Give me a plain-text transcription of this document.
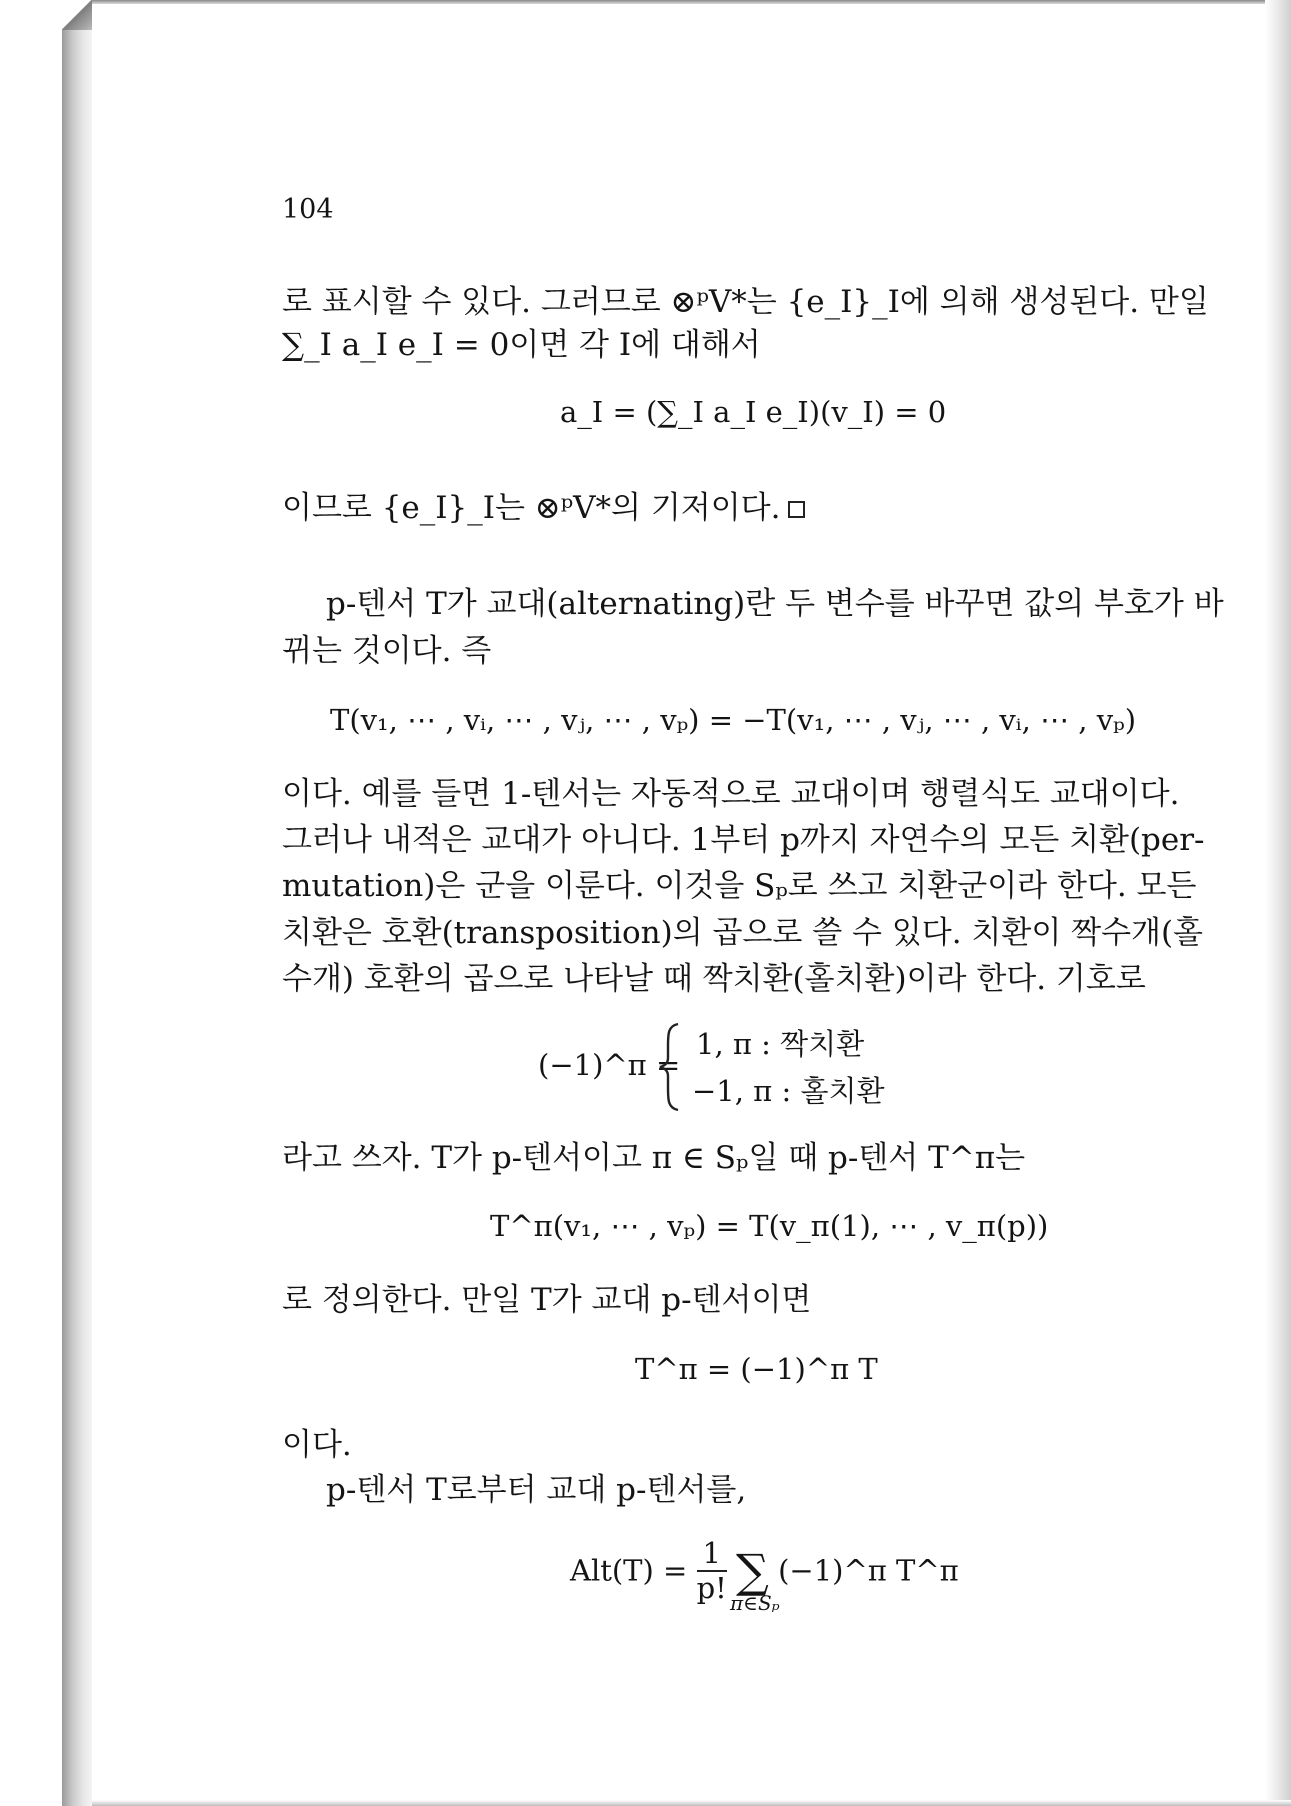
104
로 표시할 수 있다. 그러므로 ⊗ᵖV*는 {e_I}_I에 의해 생성된다. 만일
∑_I a_I e_I = 0이면 각 I에 대해서
a_I = (∑_I a_I e_I)(v_I) = 0
이므로 {e_I}_I는 ⊗ᵖV*의 기저이다.
p-텐서 T가 교대(alternating)란 두 변수를 바꾸면 값의 부호가 바
뀌는 것이다. 즉
T(v₁, ⋯ , vᵢ, ⋯ , vⱼ, ⋯ , vₚ) = −T(v₁, ⋯ , vⱼ, ⋯ , vᵢ, ⋯ , vₚ)
이다. 예를 들면 1-텐서는 자동적으로 교대이며 행렬식도 교대이다.
그러나 내적은 교대가 아니다. 1부터 p까지 자연수의 모든 치환(per-
mutation)은 군을 이룬다. 이것을 Sₚ로 쓰고 치환군이라 한다. 모든
치환은 호환(transposition)의 곱으로 쓸 수 있다. 치환이 짝수개(홀
수개) 호환의 곱으로 나타날 때 짝치환(홀치환)이라 한다. 기호로
(−1)^π =
1, π : 짝치환
−1, π : 홀치환
라고 쓰자. T가 p-텐서이고 π ∈ Sₚ일 때 p-텐서 T^π는
T^π(v₁, ⋯ , vₚ) = T(v_π(1), ⋯ , v_π(p))
로 정의한다. 만일 T가 교대 p-텐서이면
T^π = (−1)^π T
이다.
p-텐서 T로부터 교대 p-텐서를,
$Alt(T) = \frac{1}{p!}$ ∑ (−1)^π T^π
π∈Sₚ
